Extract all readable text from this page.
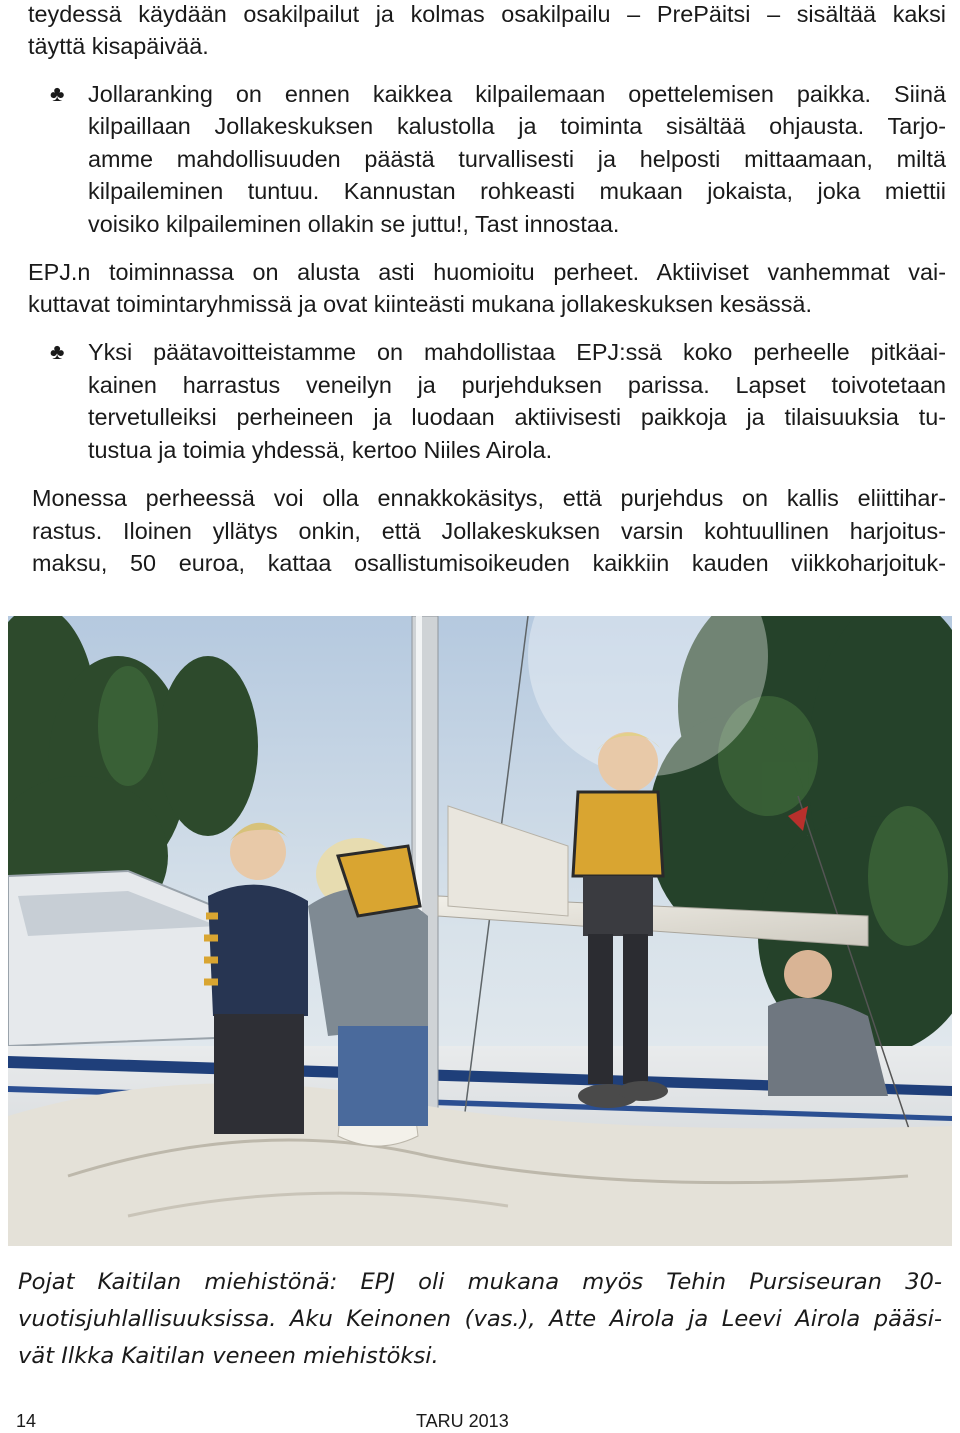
teydessä käydään osakilpailut ja kolmas osakilpailu – PrePäitsi – sisältää kaksi

täyttä kisapäivää.

♣ Jollaranking on ennen kaikkea kilpailemaan opettelemisen paikka. Siinä

kilpaillaan Jollakeskuksen kalustolla ja toiminta sisältää ohjausta. Tarjo-

amme mahdollisuuden päästä turvallisesti ja helposti mittaamaan, miltä

kilpaileminen tuntuu. Kannustan rohkeasti mukaan jokaista, joka miettii

voisiko kilpaileminen ollakin se juttu!, Tast innostaa.

EPJ.n toiminnassa on alusta asti huomioitu perheet. Aktiiviset vanhemmat vai-

kuttavat toimintaryhmissä ja ovat kiinteästi mukana jollakeskuksen kesässä.

♣ Yksi päätavoitteistamme on mahdollistaa EPJ:ssä koko perheelle pitkäai-

kainen harrastus veneilyn ja purjehduksen parissa. Lapset toivotetaan

tervetulleiksi perheineen ja luodaan aktiivisesti paikkoja ja tilaisuuksia tu-

tustua ja toimia yhdessä, kertoo Niiles Airola.

Monessa perheessä voi olla ennakkokäsitys, että purjehdus on kallis eliittihar-

rastus. Iloinen yllätys onkin, että Jollakeskuksen varsin kohtuullinen harjoitus-

maksu, 50 euroa, kattaa osallistumisoikeuden kaikkiin kauden viikkoharjoituk-

Pojat Kaitilan miehistönä: EPJ oli mukana myös Tehin Pursiseuran 30-
vuotisjuhlallisuuksissa. Aku Keinonen (vas.), Atte Airola ja Leevi Airola pääsi-
vät Ilkka Kaitilan veneen miehistöksi.
14	TARU 2013
